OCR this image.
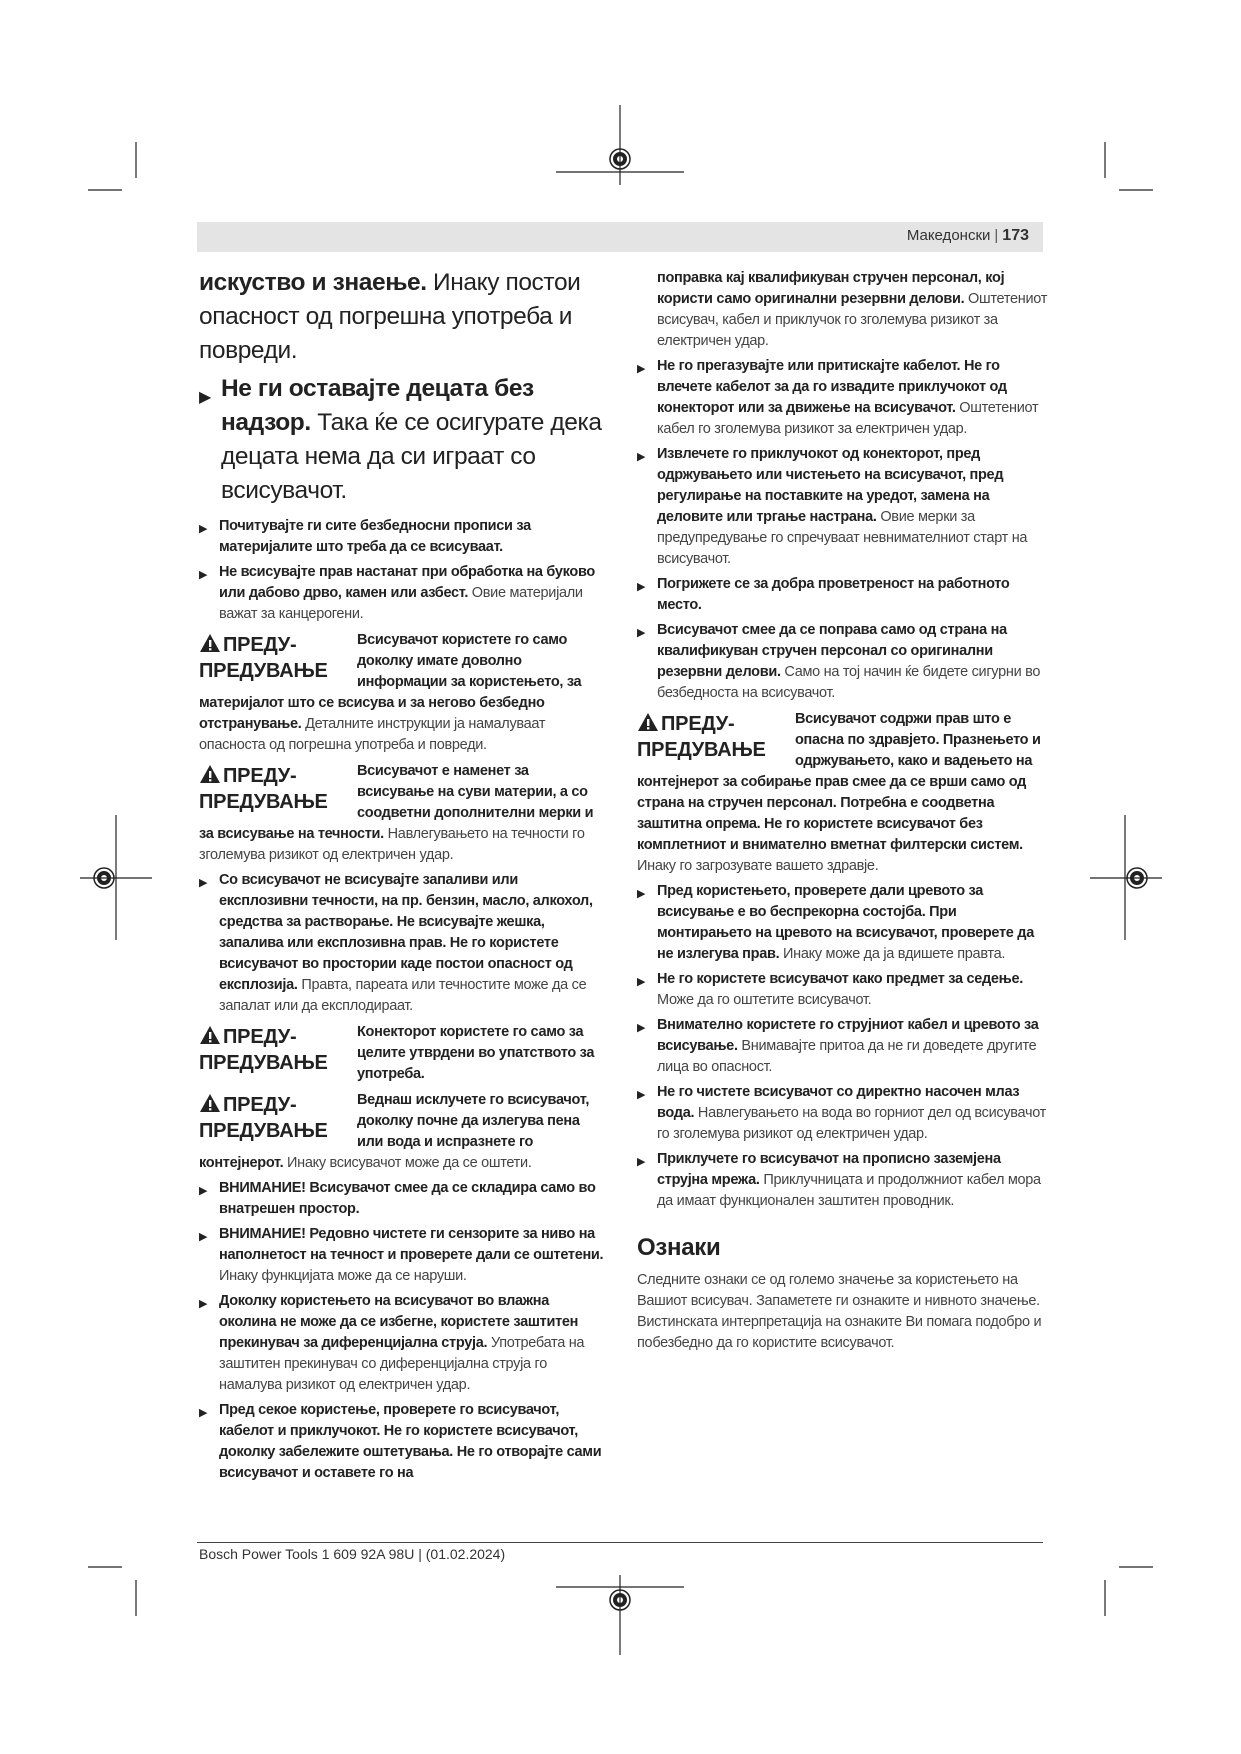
Македонски | 173

искуство и знаење. Инаку постои опасност од погрешна употреба и повреди.

▶ Не ги оставајте децата без надзор. Така ќе се осигурате дека децата нема да си играат со всисувачот.
▶ Почитувајте ги сите безбедносни прописи за материјалите што треба да се всисуваат.
▶ Не всисувајте прав настанат при обработка на буково или дабово дрво, камен или азбест. Овие материјали важат за канцерогени.
ПРЕДУ-
ПРЕДУВАЊЕ
Всисувачот користете го само доколку имате доволно информации за користењето, за материјалот што се всисува и за негово безбедно отстранување. Деталните инструкции ја намалуваат опасноста од погрешна употреба и повреди.
ПРЕДУ-
ПРЕДУВАЊЕ
Всисувачот е наменет за всисување на суви материи, а со соодветни дополнителни мерки и за всисување на течности. Навлегувањето на течности го зголемува ризикот од електричен удар.
▶ Со всисувачот не всисувајте запаливи или експлозивни течности, на пр. бензин, масло, алкохол, средства за растворање. Не всисувајте жешка, запалива или експлозивна прав. Не го користете всисувачот во простории каде постои опасност од експлозија. Правта, пареата или течностите може да се запалат или да експлодираат.
ПРЕДУ-
ПРЕДУВАЊЕ
Конекторот користете го само за целите утврдени во упатството за употреба.
ПРЕДУ-
ПРЕДУВАЊЕ
Веднаш исклучете го всисувачот, доколку почне да излегува пена или вода и испразнете го контејнерот. Инаку всисувачот може да се оштети.
▶ ВНИМАНИЕ! Всисувачот смее да се складира само во внатрешен простор.
▶ ВНИМАНИЕ! Редовно чистете ги сензорите за ниво на наполнетост на течност и проверете дали се оштетени. Инаку функцијата може да се наруши.
▶ Доколку користењето на всисувачот во влажна околина не може да се избегне, користете заштитен прекинувач за диференцијална струја. Употребата на заштитен прекинувач со диференцијална струја го намалува ризикот од електричен удар.
▶ Пред секое користење, проверете го всисувачот, кабелот и приклучокот. Не го користете всисувачот, доколку забележите оштетувања. Не го отворајте сами всисувачот и оставете го на

поправка кај квалификуван стручен персонал, кој користи само оригинални резервни делови. Оштетениот всисувач, кабел и приклучок го зголемува ризикот за електричен удар.

▶ Не го прегазувајте или притискајте кабелот. Не го влечете кабелот за да го извадите приклучокот од конекторот или за движење на всисувачот. Оштетениот кабел го зголемува ризикот за електричен удар.
▶ Извлечете го приклучокот од конекторот, пред одржувањето или чистењето на всисувачот, пред регулирање на поставките на уредот, замена на деловите или тргање настрана. Овие мерки за предупредување го спречуваат невнимателниот старт на всисувачот.
▶ Погрижете се за добра проветреност на работното место.
▶ Всисувачот смее да се поправа само од страна на квалификуван стручен персонал со оригинални резервни делови. Само на тој начин ќе бидете сигурни во безбедноста на всисувачот.
ПРЕДУ-
ПРЕДУВАЊЕ
Всисувачот содржи прав што е опасна по здравјето. Празнењето и одржувањето, како и вадењето на контејнерот за собирање прав смее да се врши само од страна на стручен персонал. Потребна е соодветна заштитна опрема. Не го користете всисувачот без комплетниот и внимателно вметнат филтерски систем. Инаку го загрозувате вашето здравје.
▶ Пред користењето, проверете дали цревото за всисување е во беспрекорна состојба. При монтирањето на цревото на всисувачот, проверете да не излегува прав. Инаку може да ја вдишете правта.
▶ Не го користете всисувачот како предмет за седење. Може да го оштетите всисувачот.
▶ Внимателно користете го струјниот кабел и цревото за всисување. Внимавајте притоа да не ги доведете другите лица во опасност.
▶ Не го чистете всисувачот со директно насочен млаз вода. Навлегувањето на вода во горниот дел од всисувачот го зголемува ризикот од електричен удар.
▶ Приклучете го всисувачот на прописно заземјена струјна мрежа. Приклучницата и продолжниот кабел мора да имаат функционален заштитен проводник.
Ознаки

Следните ознаки се од големо значење за користењето на Вашиот всисувач. Запаметете ги ознаките и нивното значење. Вистинската интерпретација на ознаките Ви помага подобро и побезбедно да го користите всисувачот.

Bosch Power Tools 1 609 92A 98U | (01.02.2024)
